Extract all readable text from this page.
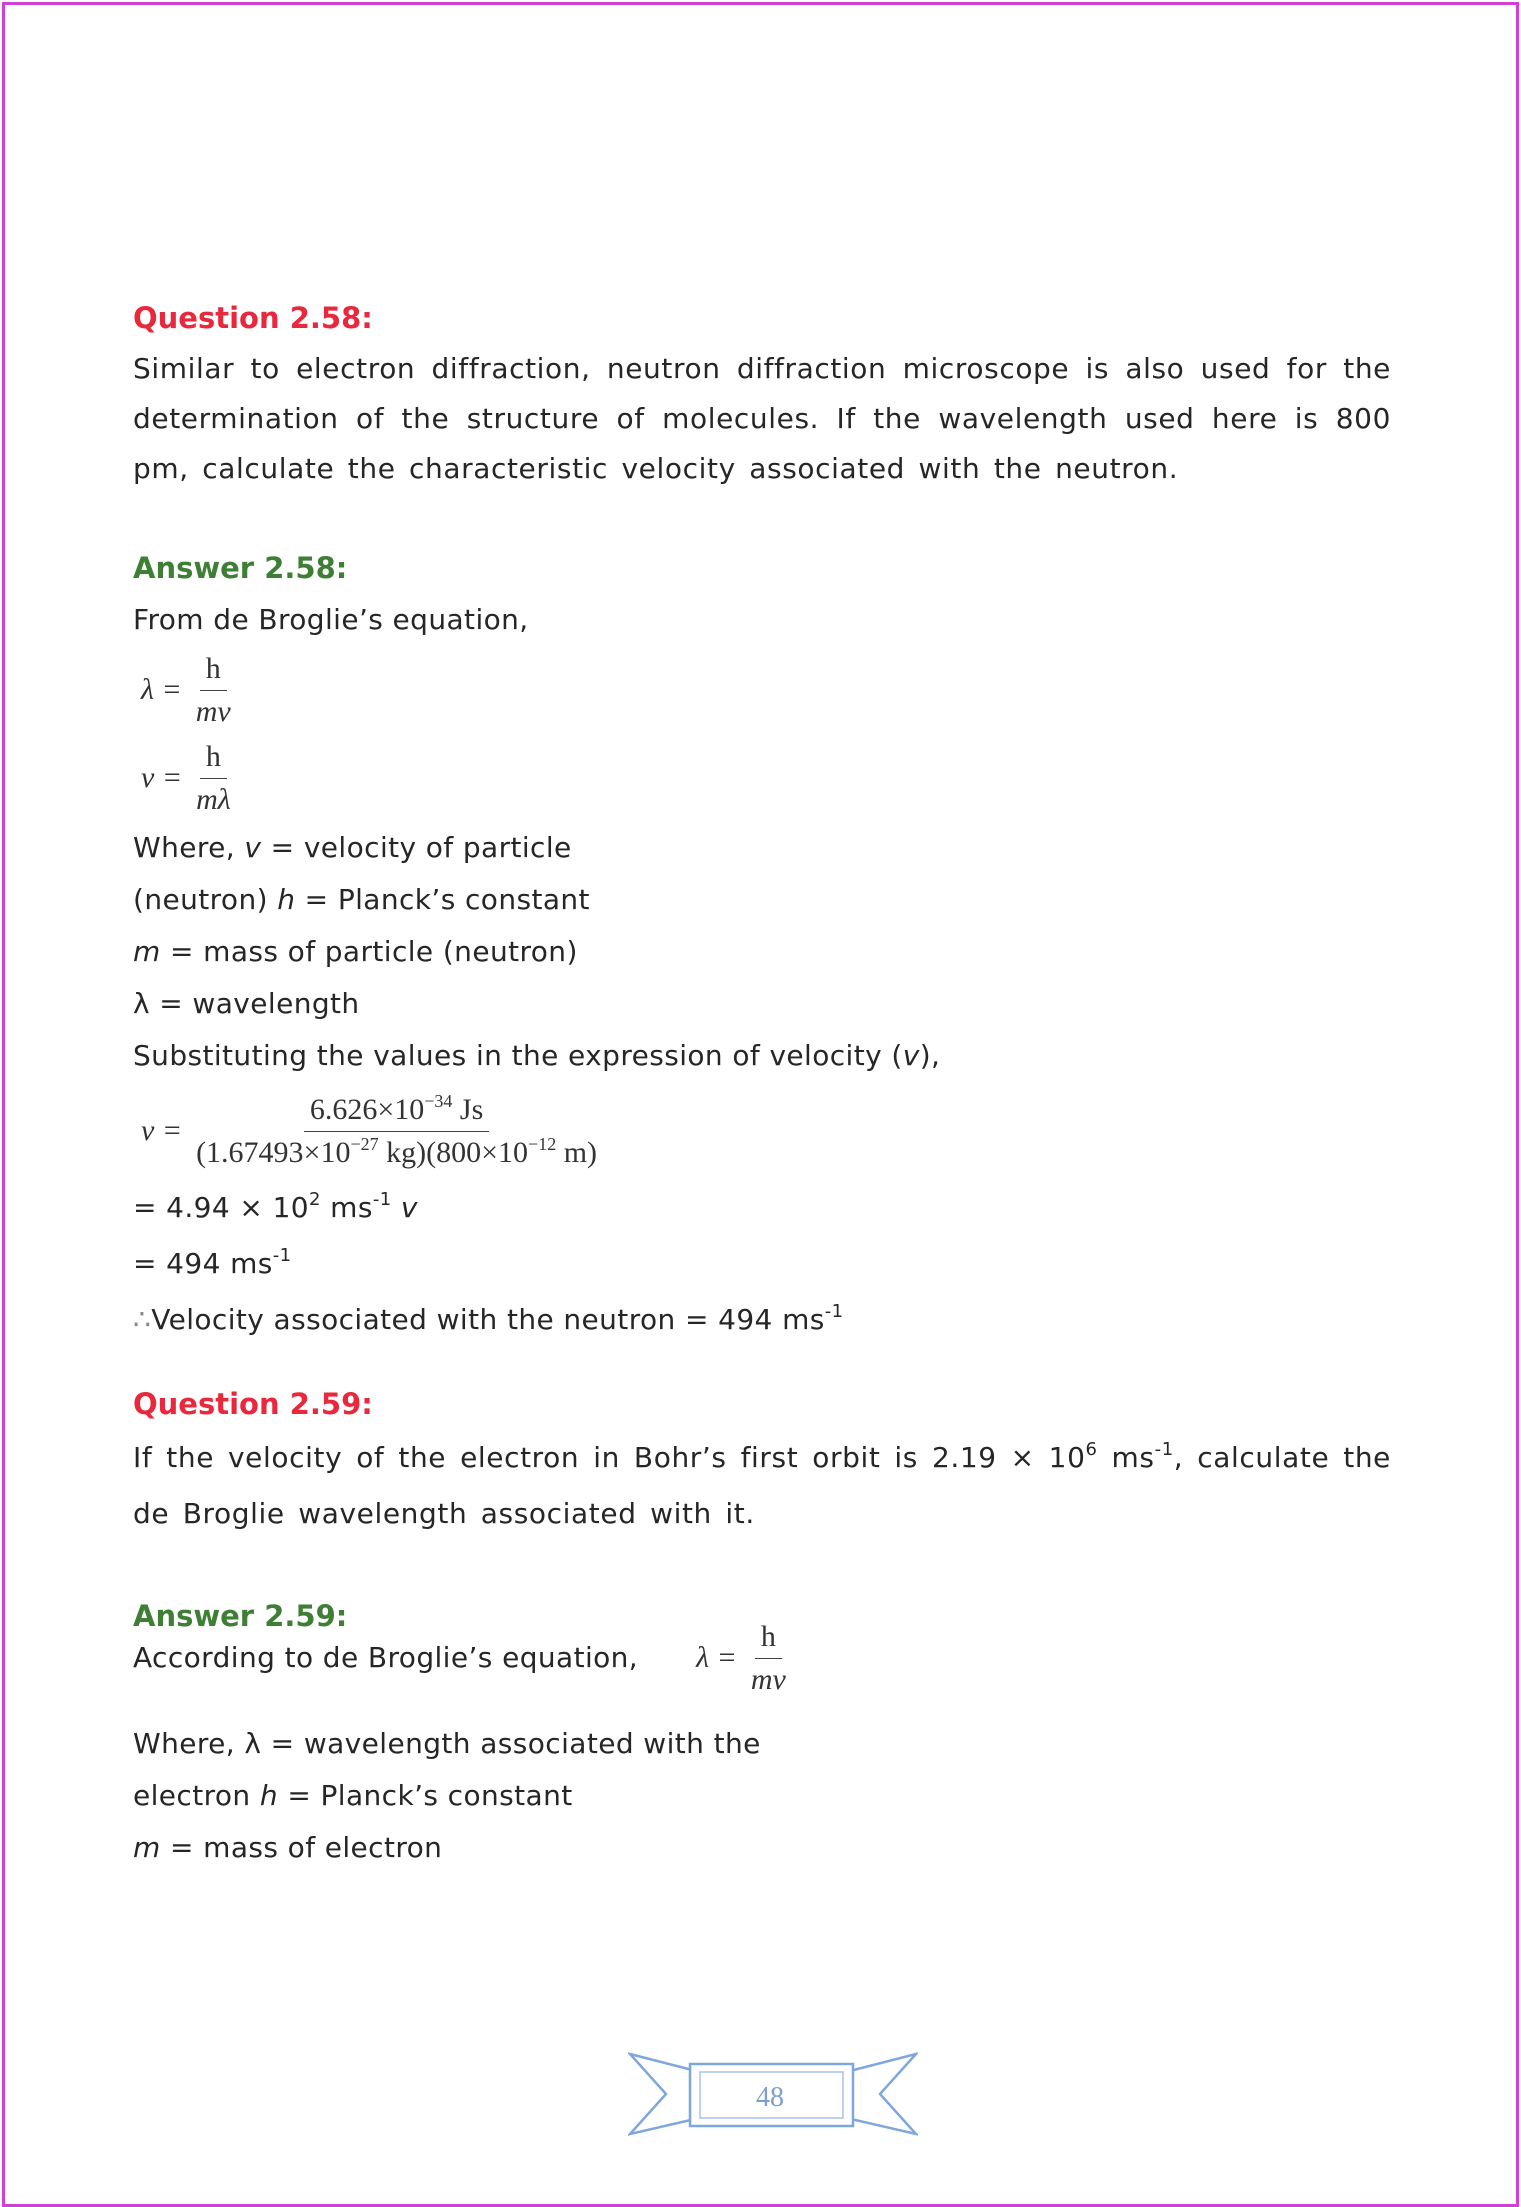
Question 2.58:

Similar to electron diffraction, neutron diffraction microscope is also used for the determination of the structure of molecules. If the wavelength used here is 800 pm, calculate the characteristic velocity associated with the neutron.

Answer 2.58:

From de Broglie’s equation,

$\lambda = \frac{h}{mv}$
$v = \frac{h}{m\lambda}$

Where, v = velocity of particle

(neutron) h = Planck’s constant

m = mass of particle (neutron)

λ = wavelength

Substituting the values in the expression of velocity (v),

$v = \frac{6.626\times 10^{-34} Js}{(1.67493\times 10^{-27} kg)(800\times 10^{-12} m)}$

= $4.94 \times 10^2$ $ms^{-1}$ v

= 494 $ms^{-1}$

∴Velocity associated with the neutron = 494 $ms^{-1}$

Question 2.59:

If the velocity of the electron in Bohr’s first orbit is $2.19 \times 10^6$ $ms^{-1}$, calculate the de Broglie wavelength associated with it.

Answer 2.59:

According to de Broglie’s equation, $\lambda = \frac{h}{mv}$

Where, λ = wavelength associated with the

electron h = Planck’s constant

m = mass of electron

48
